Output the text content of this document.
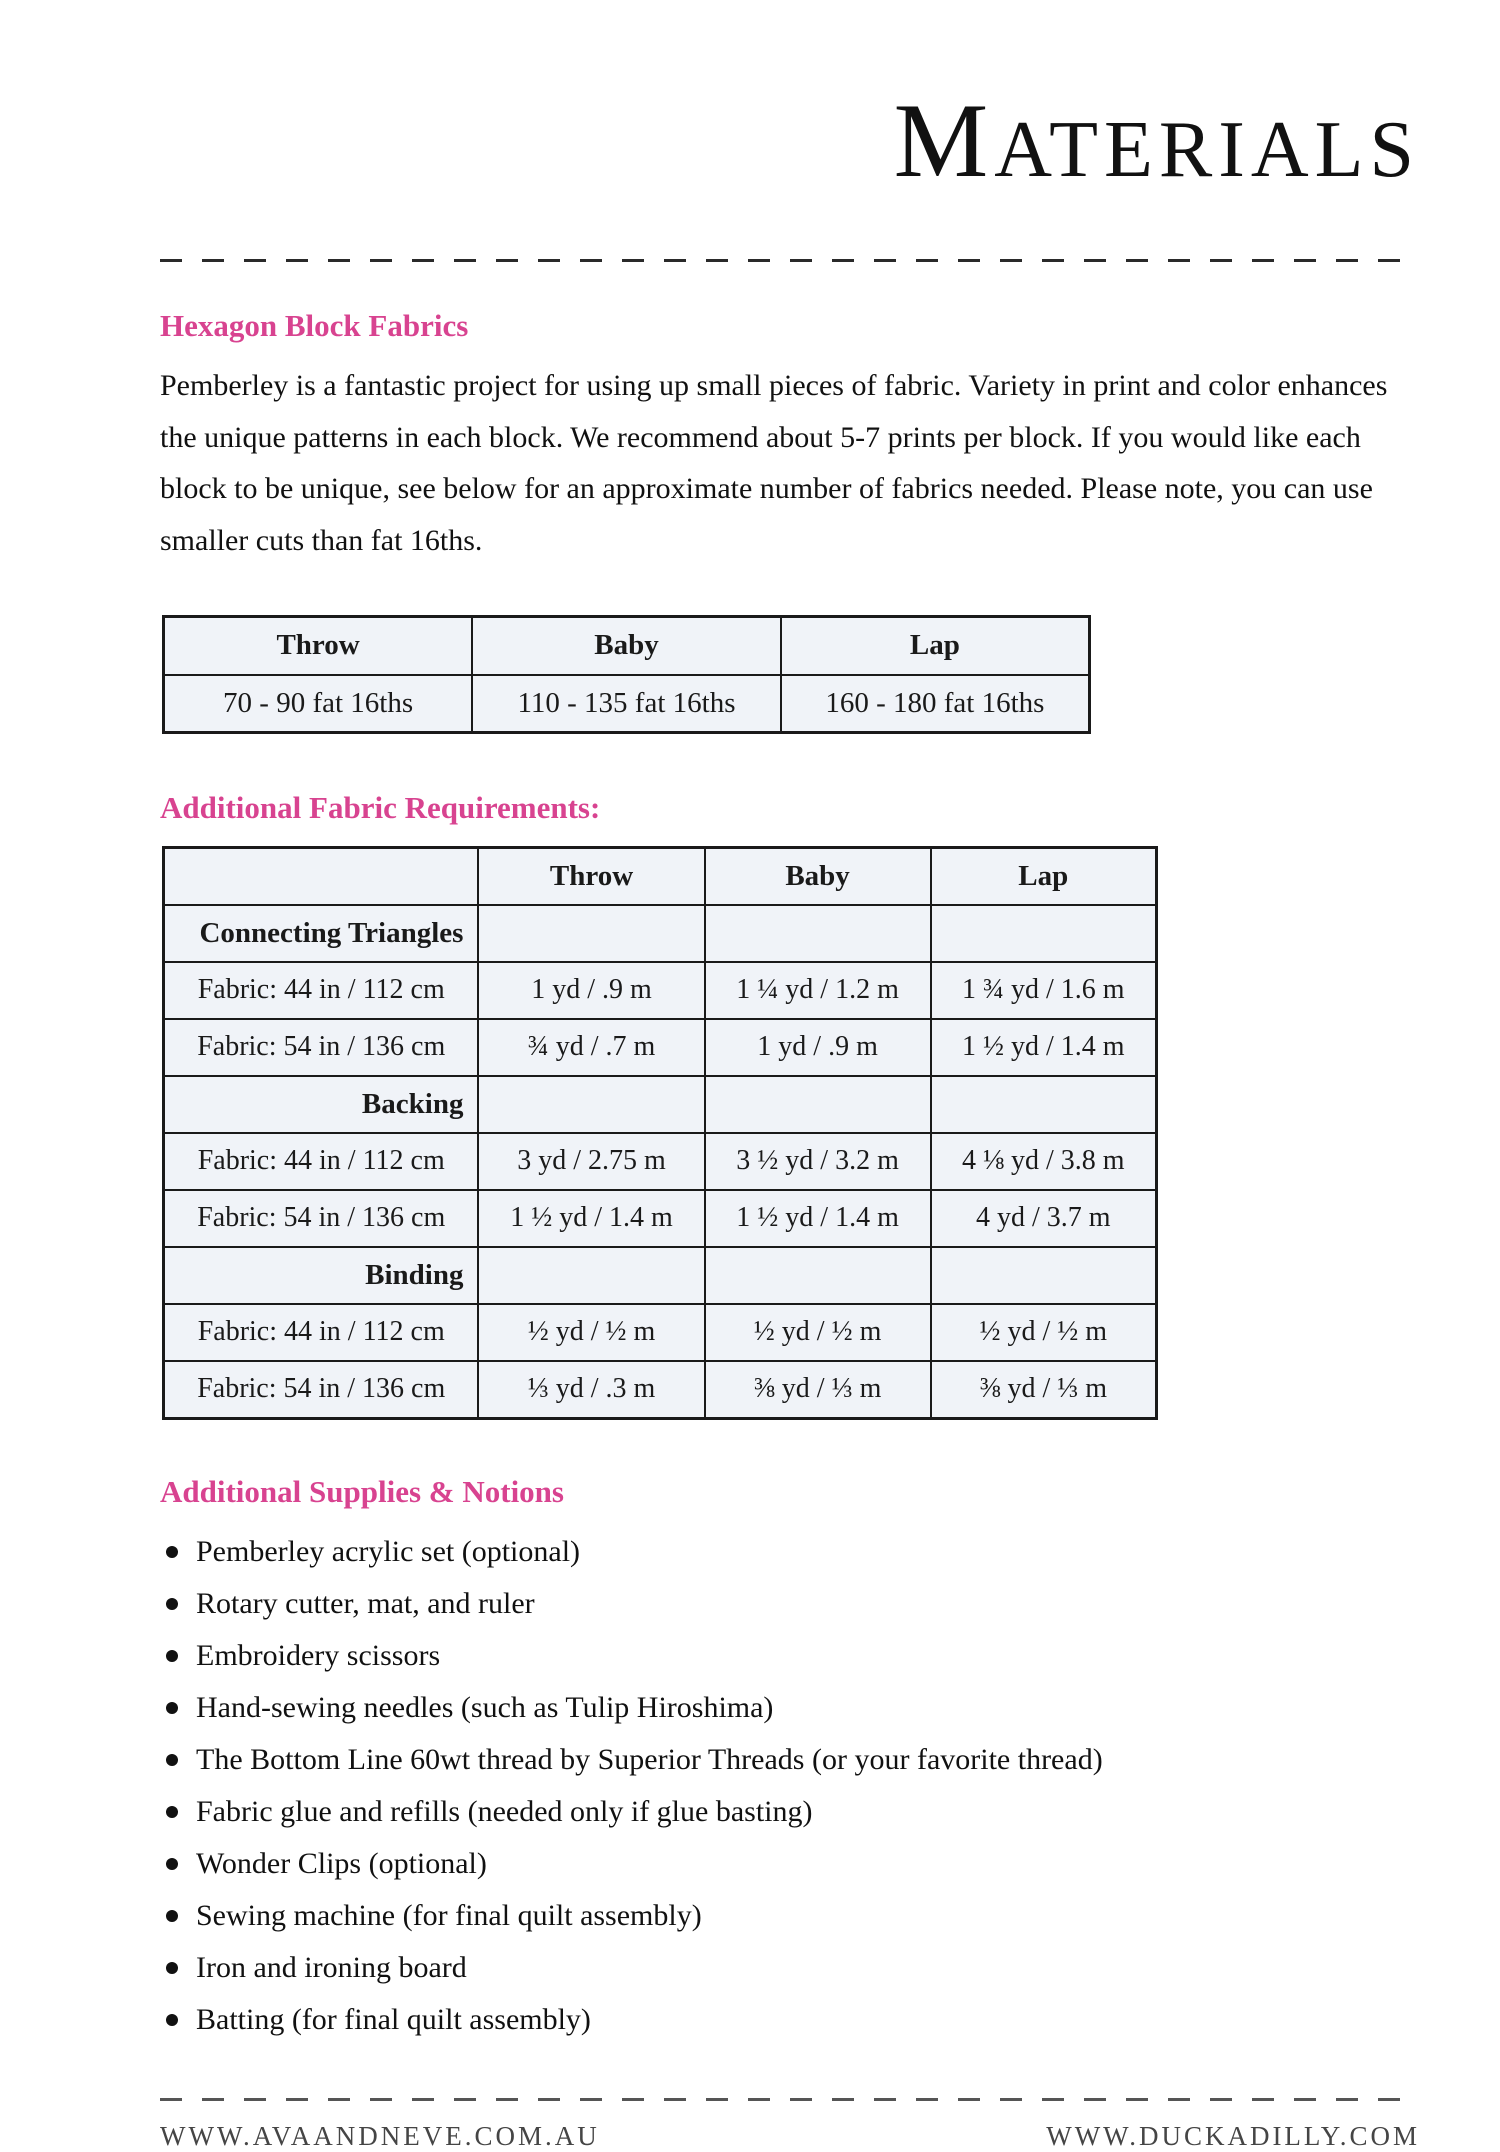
MATERIALS
Hexagon Block Fabrics

Pemberley is a fantastic project for using up small pieces of fabric. Variety in print and color enhances the unique patterns in each block. We recommend about 5-7 prints per block. If you would like each block to be unique, see below for an approximate number of fabrics needed. Please note, you can use smaller cuts than fat 16ths.

Throw	Baby	Lap
70 - 90 fat 16ths	110 - 135 fat 16ths	160 - 180 fat 16ths
Additional Fabric Requirements:
	Throw	Baby	Lap
Connecting Triangles			
Fabric: 44 in / 112 cm	1 yd / .9 m	1 ¼ yd / 1.2 m	1 ¾ yd / 1.6 m
Fabric: 54 in / 136 cm	¾ yd / .7 m	1 yd / .9 m	1 ½ yd / 1.4 m
Backing			
Fabric: 44 in / 112 cm	3 yd / 2.75 m	3 ½ yd / 3.2 m	4 ⅛ yd / 3.8 m
Fabric: 54 in / 136 cm	1 ½ yd / 1.4 m	1 ½ yd / 1.4 m	4 yd / 3.7 m
Binding			
Fabric: 44 in / 112 cm	½ yd / ½ m	½ yd / ½ m	½ yd / ½ m
Fabric: 54 in / 136 cm	⅓ yd / .3 m	⅜ yd / ⅓ m	⅜ yd / ⅓ m
Additional Supplies & Notions
Pemberley acrylic set (optional)
Rotary cutter, mat, and ruler
Embroidery scissors
Hand-sewing needles (such as Tulip Hiroshima)
The Bottom Line 60wt thread by Superior Threads (or your favorite thread)
Fabric glue and refills (needed only if glue basting)
Wonder Clips (optional)
Sewing machine (for final quilt assembly)
Iron and ironing board
Batting (for final quilt assembly)
WWW.AVAANDNEVE.COM.AU	WWW.DUCKADILLY.COM
